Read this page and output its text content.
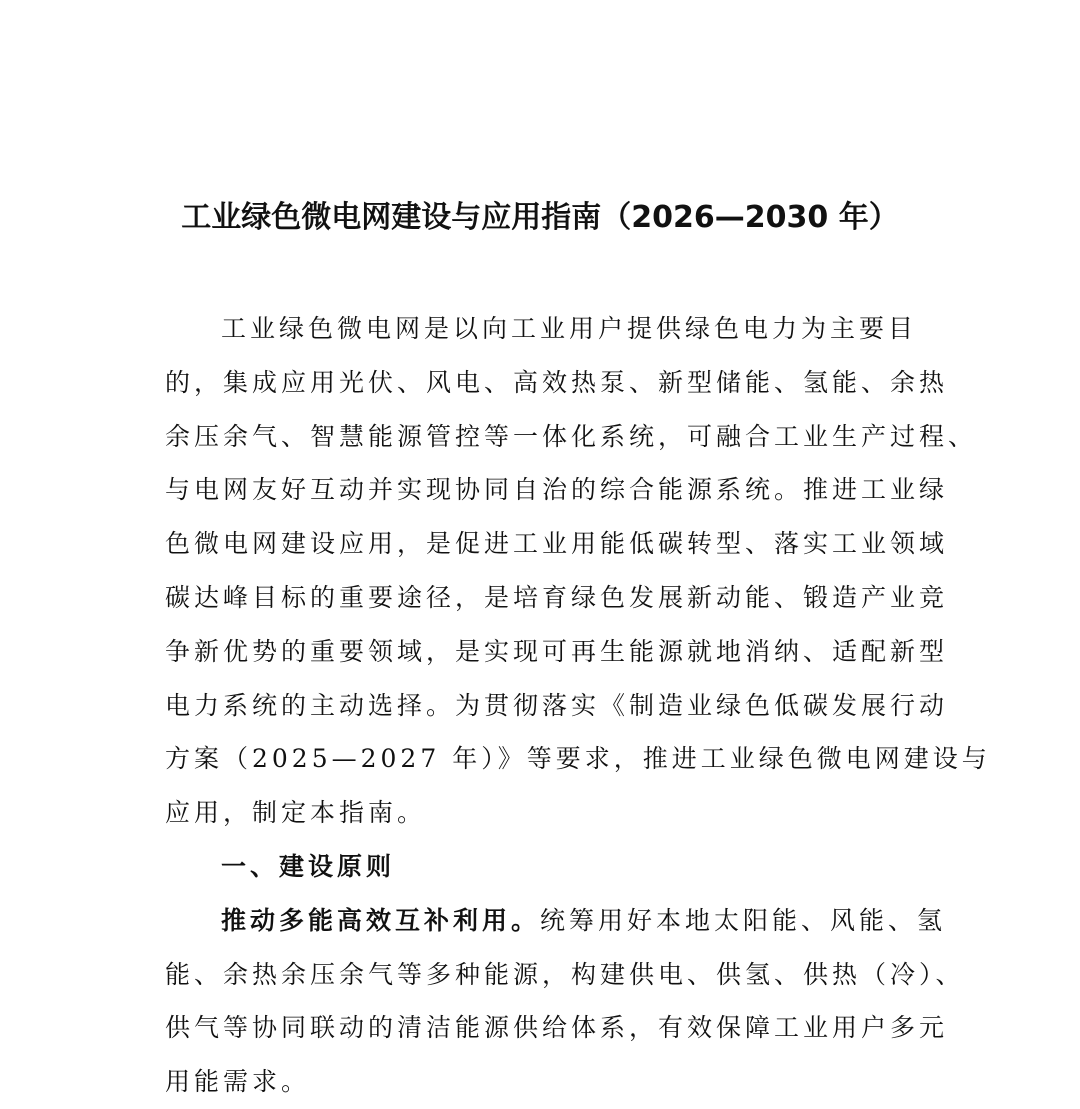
工业绿色微电网建设与应用指南（2026—2030 年）
工业绿色微电网是以向工业用户提供绿色电力为主要目
的，集成应用光伏、风电、高效热泵、新型储能、氢能、余热
余压余气、智慧能源管控等一体化系统，可融合工业生产过程、
与电网友好互动并实现协同自治的综合能源系统。推进工业绿
色微电网建设应用，是促进工业用能低碳转型、落实工业领域
碳达峰目标的重要途径，是培育绿色发展新动能、锻造产业竞
争新优势的重要领域，是实现可再生能源就地消纳、适配新型
电力系统的主动选择。为贯彻落实《制造业绿色低碳发展行动
方案（2025—2027 年）》等要求，推进工业绿色微电网建设与
应用，制定本指南。
一、建设原则
推动多能高效互补利用。统筹用好本地太阳能、风能、氢
能、余热余压余气等多种能源，构建供电、供氢、供热（冷）、
供气等协同联动的清洁能源供给体系，有效保障工业用户多元
用能需求。
